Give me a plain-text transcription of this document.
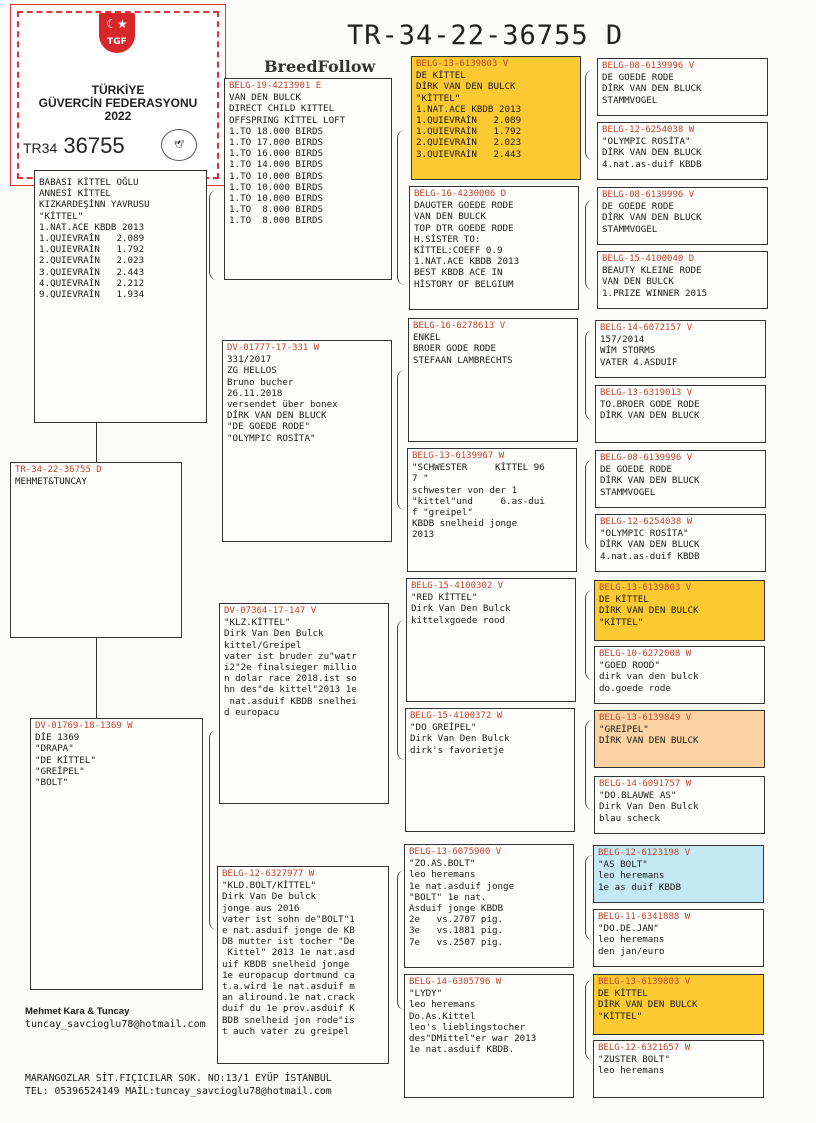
TR-34-22-36755 D
BreedFollow
☾★
TGF
TÜRKİYE
GÜVERCİN FEDERASYONU
2022
TR34 36755	🕊
TR-34-22-36755 D
MEHMET&TUNCAY
BABASI KİTTEL OĞLU
ANNESİ KİTTEL
KIZKARDEŞİNN YAVRUSU
"KİTTEL"
1.NAT.ACE KBDB 2013
1.QUIEVRAİN   2.089
1.QUIEVRAİN   1.792
2.QUIEVRAİN   2.023
3.QUIEVRAİN   2.443
4.QUIEVRAİN   2.212
9.QUIEVRAİN   1.934
DV-01769-18-1369 W
DİE 1369
"DRAPA"
"DE KİTTEL"
"GREİPEL"
"BOLT"
BELG-19-4213901 E
VAN DEN BULCK
DIRECT CHILD KITTEL
OFFSPRING KİTTEL LOFT
1.TO 18.000 BIRDS
1.TO 17.000 BIRDS
1.TO 16.000 BIRDS
1.TO 14.000 BIRDS
1.TO 10.000 BIRDS
1.TO 10.000 BIRDS
1.TO 10.000 BIRDS
1.TO  8.000 BIRDS
1.TO  8.000 BIRDS
DV-01777-17-331 W
331/2017
ZG HELLOS
Bruno bucher
26.11.2018
versendet über bonex
DİRK VAN DEN BLUCK
"DE GOEDE RODE"
"OLYMPIC ROSİTA"
DV-07364-17-147 V
"KLZ.KİTTEL"
Dirk Van Den Bulck
kittel/Greipel
vater ist bruder zu"watr
i2"2e finalsieger millio
n dolar race 2018.ist so
hn des"de kittel"2013 1e
nat.asduif KBDB snelhei
d europacu
BELG-12-6327977 W
"KLD.BOLT/KİTTEL"
Dirk Van De bulck
jonge aus 2016
vater ist sohn de"BOLT"1
e nat.asduif jonge de KB
DB mutter ist tocher "De
Kittel" 2013 1e nat.asd
uif KBDB snelheid jonge
1e europacup dortmund ca
t.a.wird 1e nat.asduif m
an aliround.1e nat.crack
duif du 1e prov.asduif K
BDB snelheid jon rode"is
t auch vater zu greipel
BELG-13-6139803 V
DE KİTTEL
DİRK VAN DEN BULCK
"KİTTEL"
1.NAT.ACE KBDB 2013
1.QUIEVRAİN   2.089
1.QUIEVRAİN   1.792
2.QUIEVRAİN   2.023
3.QUIEVRAİN   2.443
BELG-16-4230006 D
DAUGTER GOEDE RODE
VAN DEN BULCK
TOP DTR GOEDE RODE
H.SİSTER TO:
KİTTEL:COEFF 0.9
1.NAT.ACE KBDB 2013
BEST KBDB ACE IN
HİSTORY OF BELGIUM
BELG-16-6278613 V
ENKEL
BROER GODE RODE
STEFAAN LAMBRECHTS
BELG-13-6139967 W
"SCHWESTER     KİTTEL 96
7 "
schwester von der 1
"kittel"und     6.as-dui
f "greipel"
KBDB snelheid jonge
2013
BELG-15-4100302 V
"RED KİTTEL"
Dirk Van Den Bulck
kittelxgoede rood
BELG-15-4100372 W
"DO GREİPEL"
Dirk Van Den Bulck
dirk's favorietje
BELG-13-6075900 V
"ZO.AS.BOLT"
leo heremans
1e nat.asduif jonge
"BOLT" 1e nat.
Asduif jonge KBDB
2e   vs.2707 pig.
3e   vs.1881 pig.
7e   vs.2507 pig.
BELG-14-6305796 W
"LYDY"
leo heremans
Do.As.Kittel
leo's lieblingstocher
des"DMittel"er war 2013
1e nat.asduif KBDB.
BELG-08-6139996 V
DE GOEDE RODE
DİRK VAN DEN BLUCK
STAMMVOGEL
BELG-12-6254038 W
"OLYMPIC ROSİTA"
DİRK VAN DEN BLUCK
4.nat.as-duif KBDB
BELG-08-6139996 V
DE GOEDE RODE
DİRK VAN DEN BLUCK
STAMMVOGEL
BELG-15-4100040 D
BEAUTY KLEINE RODE
VAN DEN BULCK
1.PRIZE WINNER 2015
BELG-14-6072157 V
157/2014
WİM STORMS
VATER 4.ASDUİF
BELG-13-6319013 V
TO.BROER GODE RODE
DİRK VAN DEN BLUCK
BELG-08-6139996 V
DE GOEDE RODE
DİRK VAN DEN BLUCK
STAMMVOGEL
BELG-12-6254038 W
"OLYMPIC ROSİTA"
DİRK VAN DEN BLUCK
4.nat.as-duif KBDB
BELG-13-6139803 V
DE KİTTEL
DİRK VAN DEN BULCK
"KİTTEL"
BELG-10-6272008 W
"GOED ROOD"
dirk van den bulck
do.goede rode
BELG-13-6139849 V
"GREİPEL"
DİRK VAN DEN BULCK
BELG-14-6091757 W
"DO.BLAUWE AS"
Dirk Van Den Bulck
blau scheck
BELG-12-6123198 V
"AS BOLT"
leo heremans
1e as duif KBDB
BELG-11-6341888 W
"DO.DE.JAN"
leo heremans
den jan/euro
BELG-13-6139803 V
DE KİTTEL
DİRK VAN DEN BULCK
"KİTTEL"
BELG-12-6321657 W
"ZUSTER BOLT"
leo heremans
Mehmet Kara & Tuncay
tuncay_savcioglu78@hotmail.com
MARANGOZLAR SİT.FIÇICILAR SOK. NO:13/1 EYÜP İSTANBUL
TEL: 05396524149 MAİL:tuncay_savcioglu78@hotmail.com
